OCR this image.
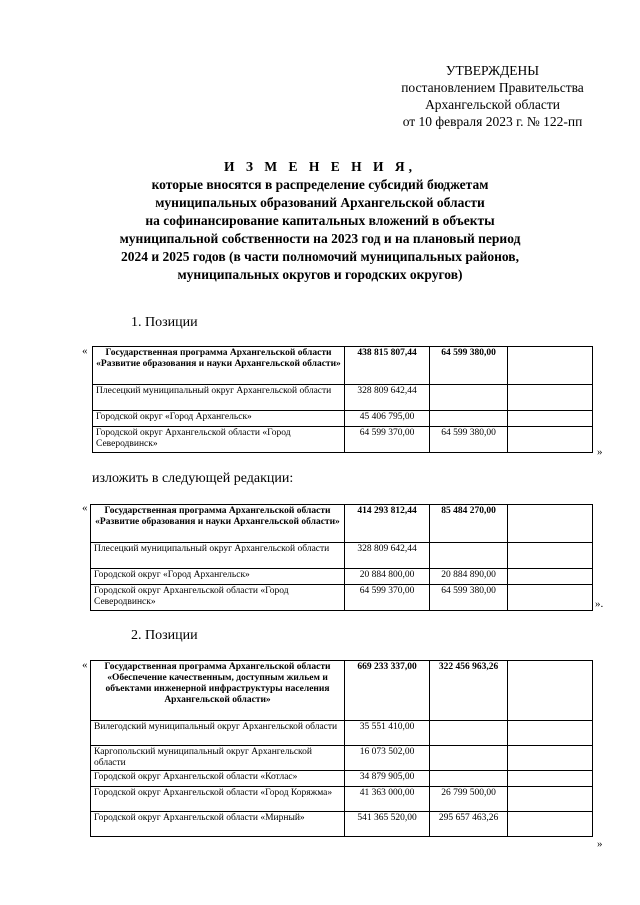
УТВЕРЖДЕНЫ
постановлением Правительства
Архангельской области
от 10 февраля 2023 г. № 122-пп
И З М Е Н Е Н И Я,
которые вносятся в распределение субсидий бюджетам
муниципальных образований Архангельской области
на софинансирование капитальных вложений в объекты
муниципальной собственности на 2023 год и на плановый период
2024 и 2025 годов (в части полномочий муниципальных районов,
муниципальных округов и городских округов)
1. Позиции
« Государственная программа Архангельской области «Развитие образования и науки Архангельской области»	438 815 807,44	64 599 380,00	
Плесецкий муниципальный округ Архангельской области	328 809 642,44		
Городской округ «Город Архангельск»	45 406 795,00		
Городской округ Архангельской области «Город Северодвинск»	64 599 370,00	64 599 380,00	
»
изложить в следующей редакции:
« Государственная программа Архангельской области «Развитие образования и науки Архангельской области»	414 293 812,44	85 484 270,00	
Плесецкий муниципальный округ Архангельской области	328 809 642,44		
Городской округ «Город Архангельск»	20 884 800,00	20 884 890,00	
Городской округ Архангельской области «Город Северодвинск»	64 599 370,00	64 599 380,00	
».
2. Позиции
« Государственная программа Архангельской области «Обеспечение качественным, доступным жильем и объектами инженерной инфраструктуры населения Архангельской области»	669 233 337,00	322 456 963,26	
Вилегодский муниципальный округ Архангельской области	35 551 410,00		
Каргопольский муниципальный округ Архангельской области	16 073 502,00		
Городской округ Архангельской области «Котлас»	34 879 905,00		
Городской округ Архангельской области «Город Коряжма»	41 363 000,00	26 799 500,00	
Городской округ Архангельской области «Мирный»	541 365 520,00	295 657 463,26	
»
